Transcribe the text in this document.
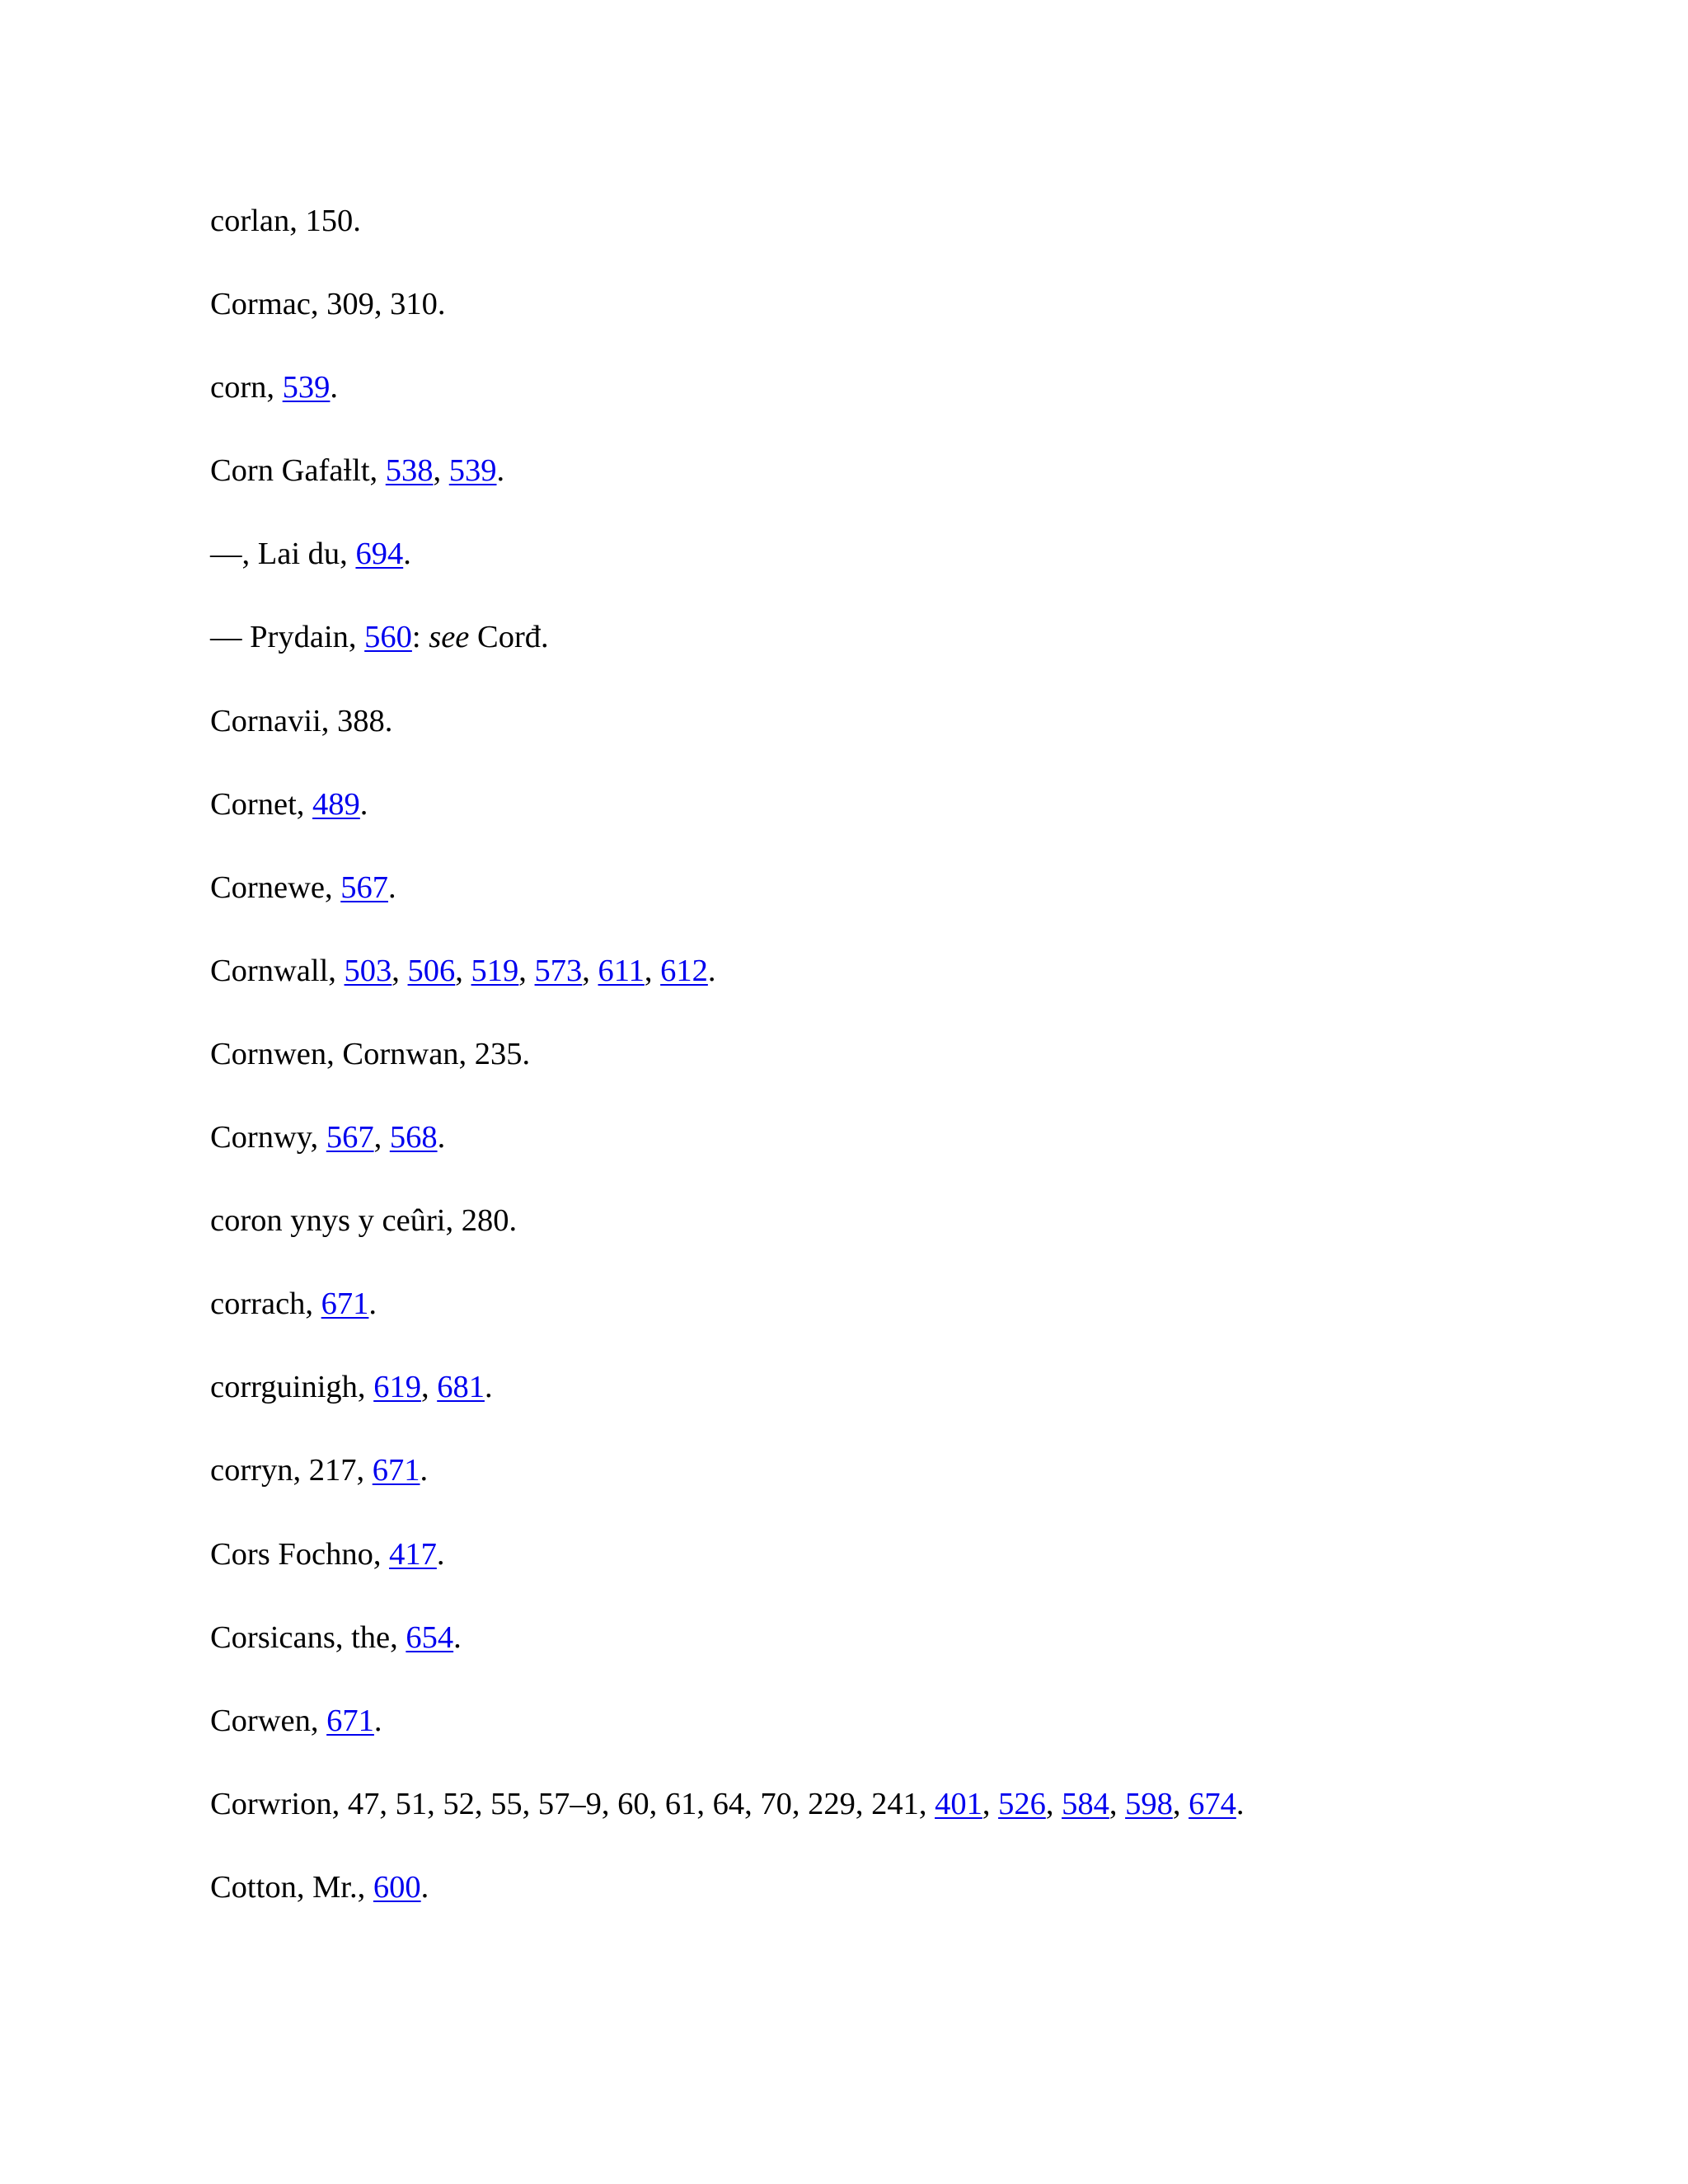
corlan, 150.
Cormac, 309, 310.
corn, 539.
Corn Gafaƚlt, 538, 539.
—, Lai du, 694.
— Prydain, 560: see Corđ.
Cornavii, 388.
Cornet, 489.
Cornewe, 567.
Cornwall, 503, 506, 519, 573, 611, 612.
Cornwen, Cornwan, 235.
Cornwy, 567, 568.
coron ynys y ceûri, 280.
corrach, 671.
corrguinigh, 619, 681.
corryn, 217, 671.
Cors Fochno, 417.
Corsicans, the, 654.
Corwen, 671.
Corwrion, 47, 51, 52, 55, 57–9, 60, 61, 64, 70, 229, 241, 401, 526, 584, 598, 674.
Cotton, Mr., 600.
